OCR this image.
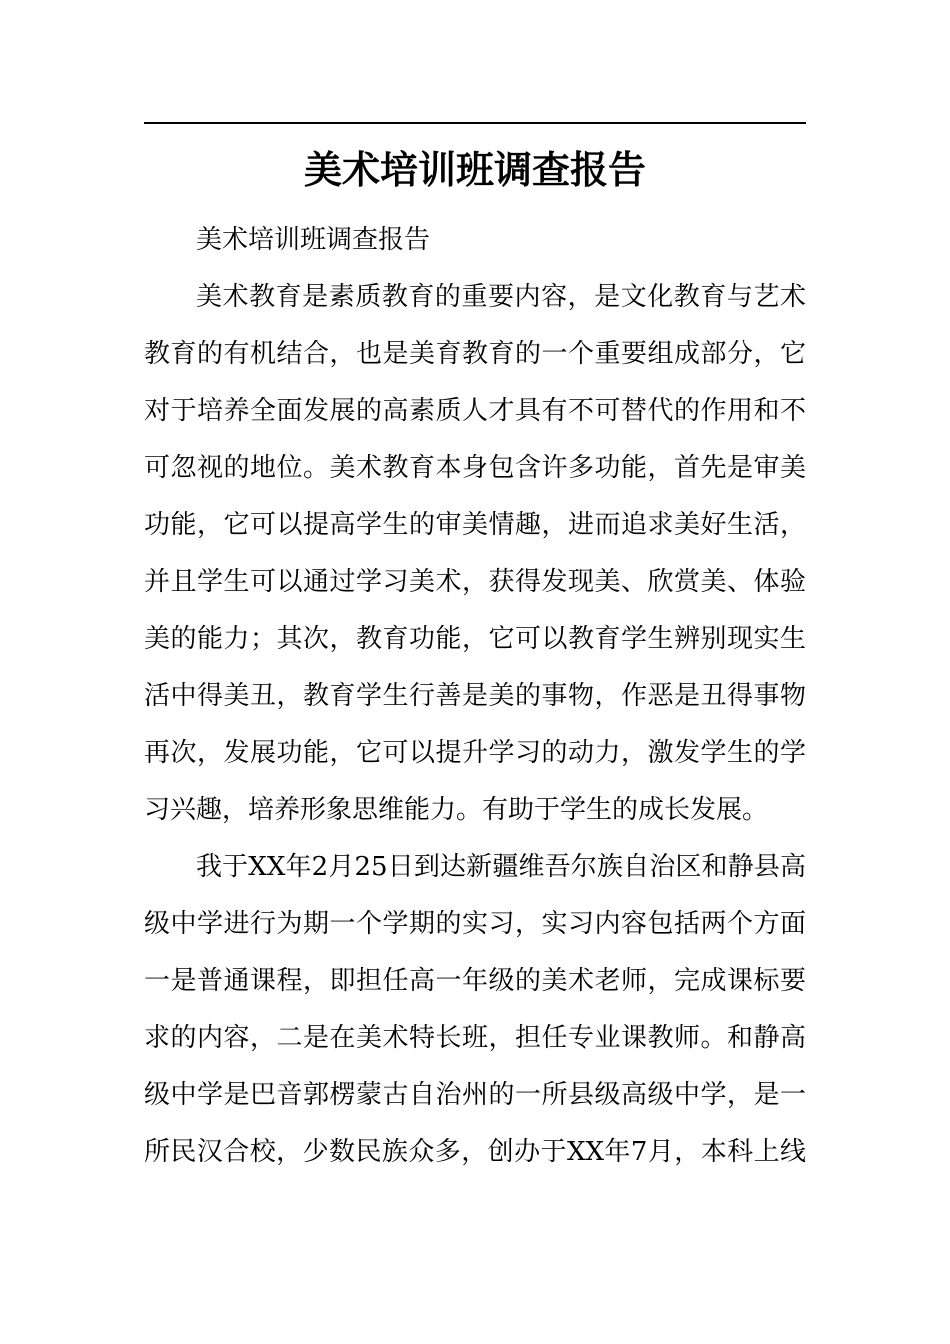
美术培训班调查报告
美术培训班调查报告
美术教育是素质教育的重要内容，是文化教育与艺术
教育的有机结合，也是美育教育的一个重要组成部分，它
对于培养全面发展的高素质人才具有不可替代的作用和不
可忽视的地位。美术教育本身包含许多功能，首先是审美
功能，它可以提高学生的审美情趣，进而追求美好生活，
并且学生可以通过学习美术，获得发现美、欣赏美、体验
美的能力；其次，教育功能，它可以教育学生辨别现实生
活中得美丑，教育学生行善是美的事物，作恶是丑得事物
再次，发展功能，它可以提升学习的动力，激发学生的学
习兴趣，培养形象思维能力。有助于学生的成长发展。
我于XX年2月25日到达新疆维吾尔族自治区和静县高
级中学进行为期一个学期的实习，实习内容包括两个方面
一是普通课程，即担任高一年级的美术老师，完成课标要
求的内容，二是在美术特长班，担任专业课教师。和静高
级中学是巴音郭楞蒙古自治州的一所县级高级中学，是一
所民汉合校，少数民族众多，创办于XX年7月，本科上线
